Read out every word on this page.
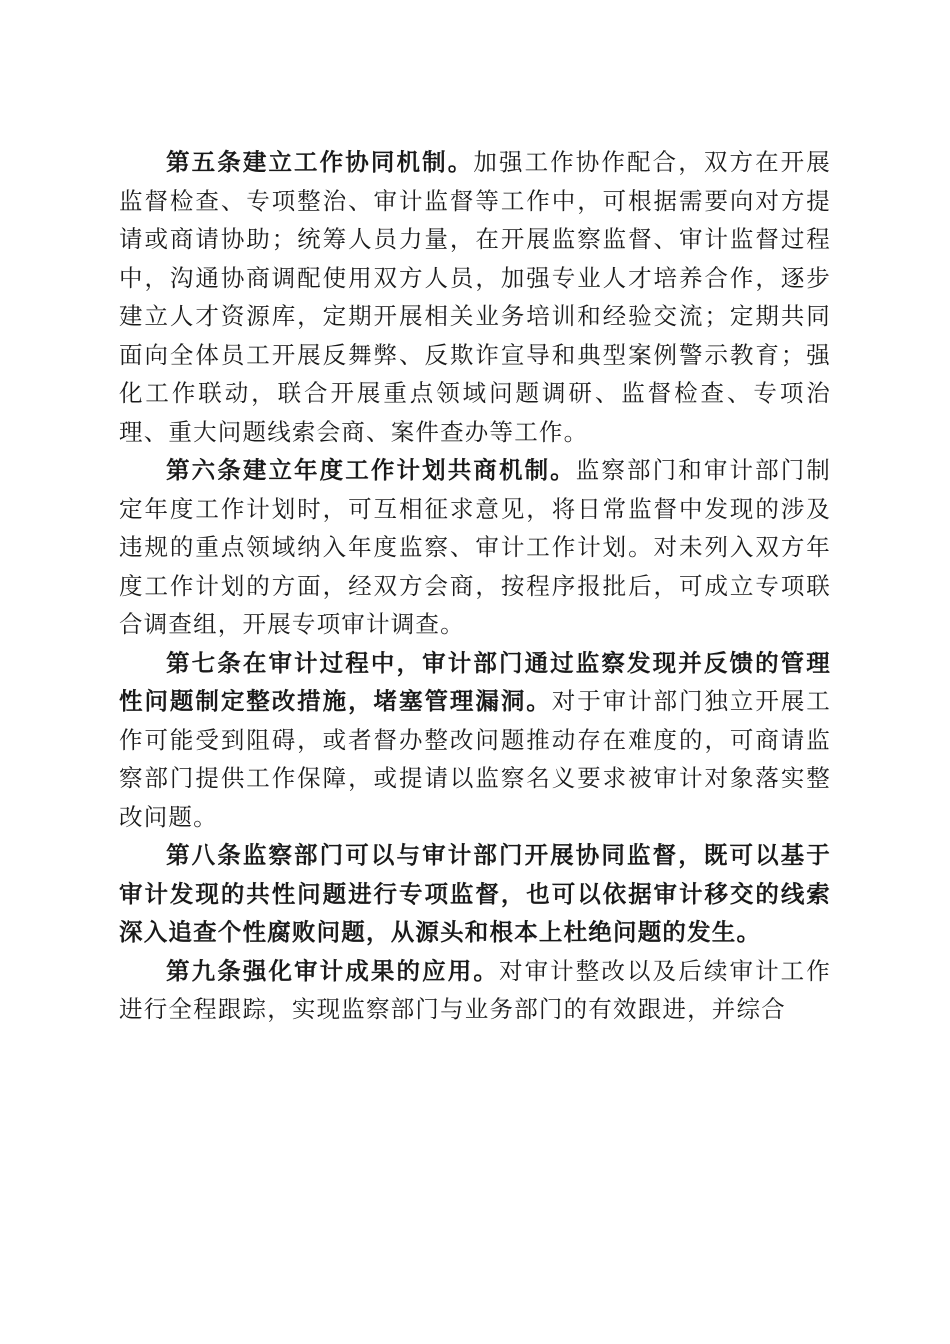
第五条建立工作协同机制。加强工作协作配合，双方在开展监督检查、专项整治、审计监督等工作中，可根据需要向对方提请或商请协助；统筹人员力量，在开展监察监督、审计监督过程中，沟通协商调配使用双方人员，加强专业人才培养合作，逐步建立人才资源库，定期开展相关业务培训和经验交流；定期共同面向全体员工开展反舞弊、反欺诈宣导和典型案例警示教育；强化工作联动，联合开展重点领域问题调研、监督检查、专项治理、重大问题线索会商、案件查办等工作。

第六条建立年度工作计划共商机制。监察部门和审计部门制定年度工作计划时，可互相征求意见，将日常监督中发现的涉及违规的重点领域纳入年度监察、审计工作计划。对未列入双方年度工作计划的方面，经双方会商，按程序报批后，可成立专项联合调查组，开展专项审计调查。

第七条在审计过程中，审计部门通过监察发现并反馈的管理性问题制定整改措施，堵塞管理漏洞。对于审计部门独立开展工作可能受到阻碍，或者督办整改问题推动存在难度的，可商请监察部门提供工作保障，或提请以监察名义要求被审计对象落实整改问题。

第八条监察部门可以与审计部门开展协同监督，既可以基于审计发现的共性问题进行专项监督，也可以依据审计移交的线索深入追查个性腐败问题，从源头和根本上杜绝问题的发生。

第九条强化审计成果的应用。对审计整改以及后续审计工作进行全程跟踪，实现监察部门与业务部门的有效跟进，并综合
